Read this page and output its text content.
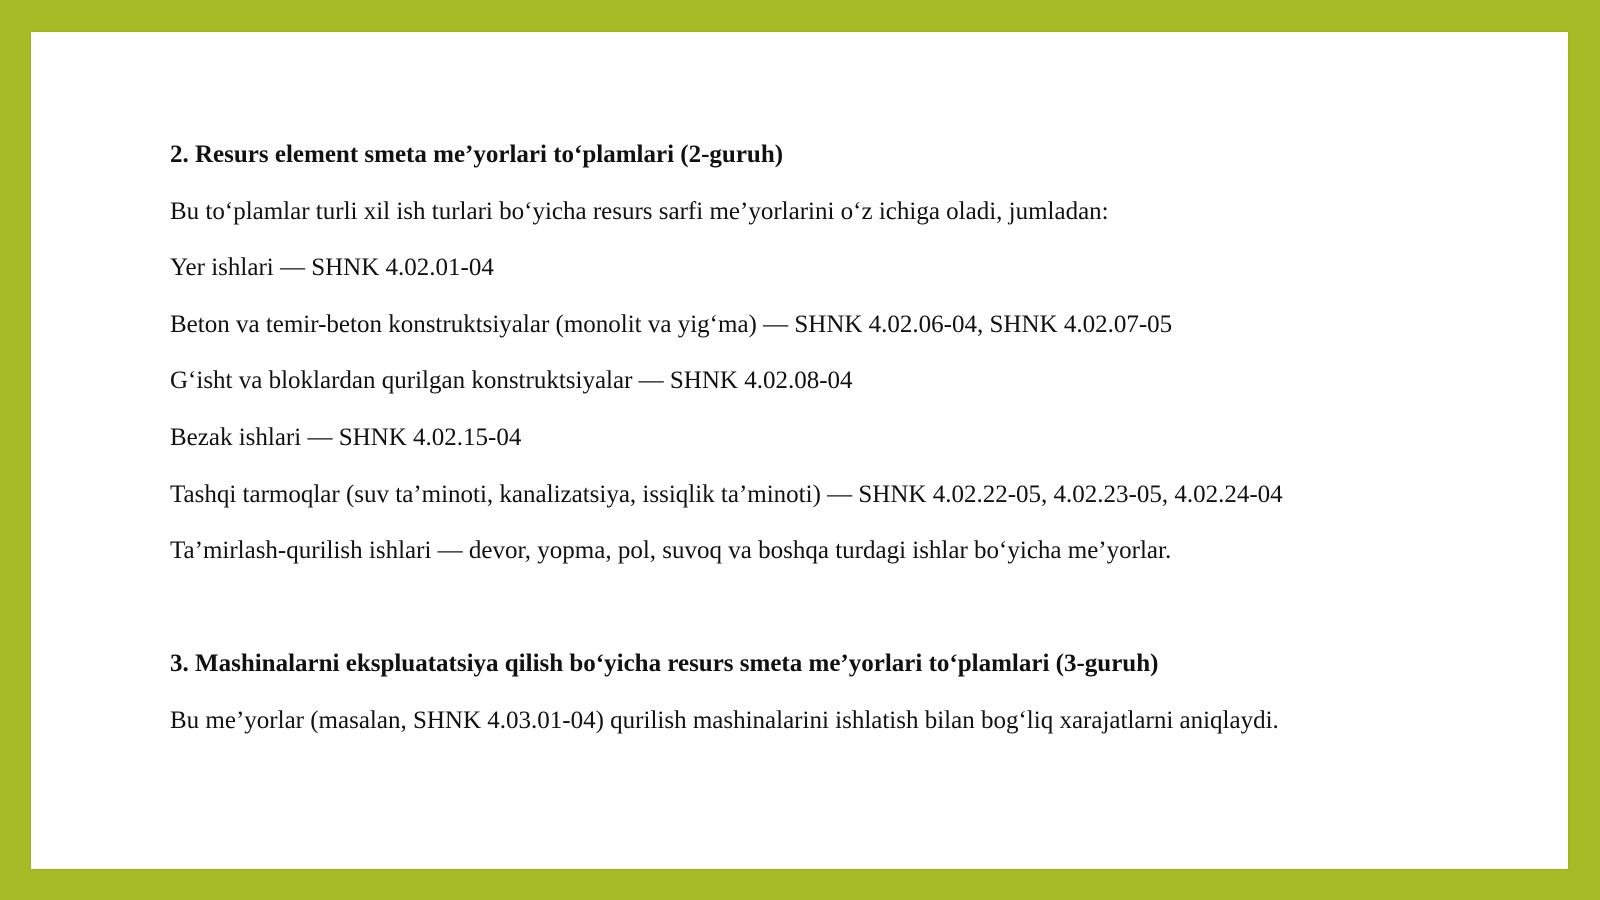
2. Resurs element smeta me’yorlari to‘plamlari (2-guruh)
Bu to‘plamlar turli xil ish turlari bo‘yicha resurs sarfi me’yorlarini o‘z ichiga oladi, jumladan:
Yer ishlari — SHNK 4.02.01-04
Beton va temir-beton konstruktsiyalar (monolit va yig‘ma) — SHNK 4.02.06-04, SHNK 4.02.07-05
G‘isht va bloklardan qurilgan konstruktsiyalar — SHNK 4.02.08-04
Bezak ishlari — SHNK 4.02.15-04
Tashqi tarmoqlar (suv ta’minoti, kanalizatsiya, issiqlik ta’minoti) — SHNK 4.02.22-05, 4.02.23-05, 4.02.24-04
Ta’mirlash-qurilish ishlari — devor, yopma, pol, suvoq va boshqa turdagi ishlar bo‘yicha me’yorlar.
3. Mashinalarni ekspluatatsiya qilish bo‘yicha resurs smeta me’yorlari to‘plamlari (3-guruh)
Bu me’yorlar (masalan, SHNK 4.03.01-04) qurilish mashinalarini ishlatish bilan bog‘liq xarajatlarni aniqlaydi.
